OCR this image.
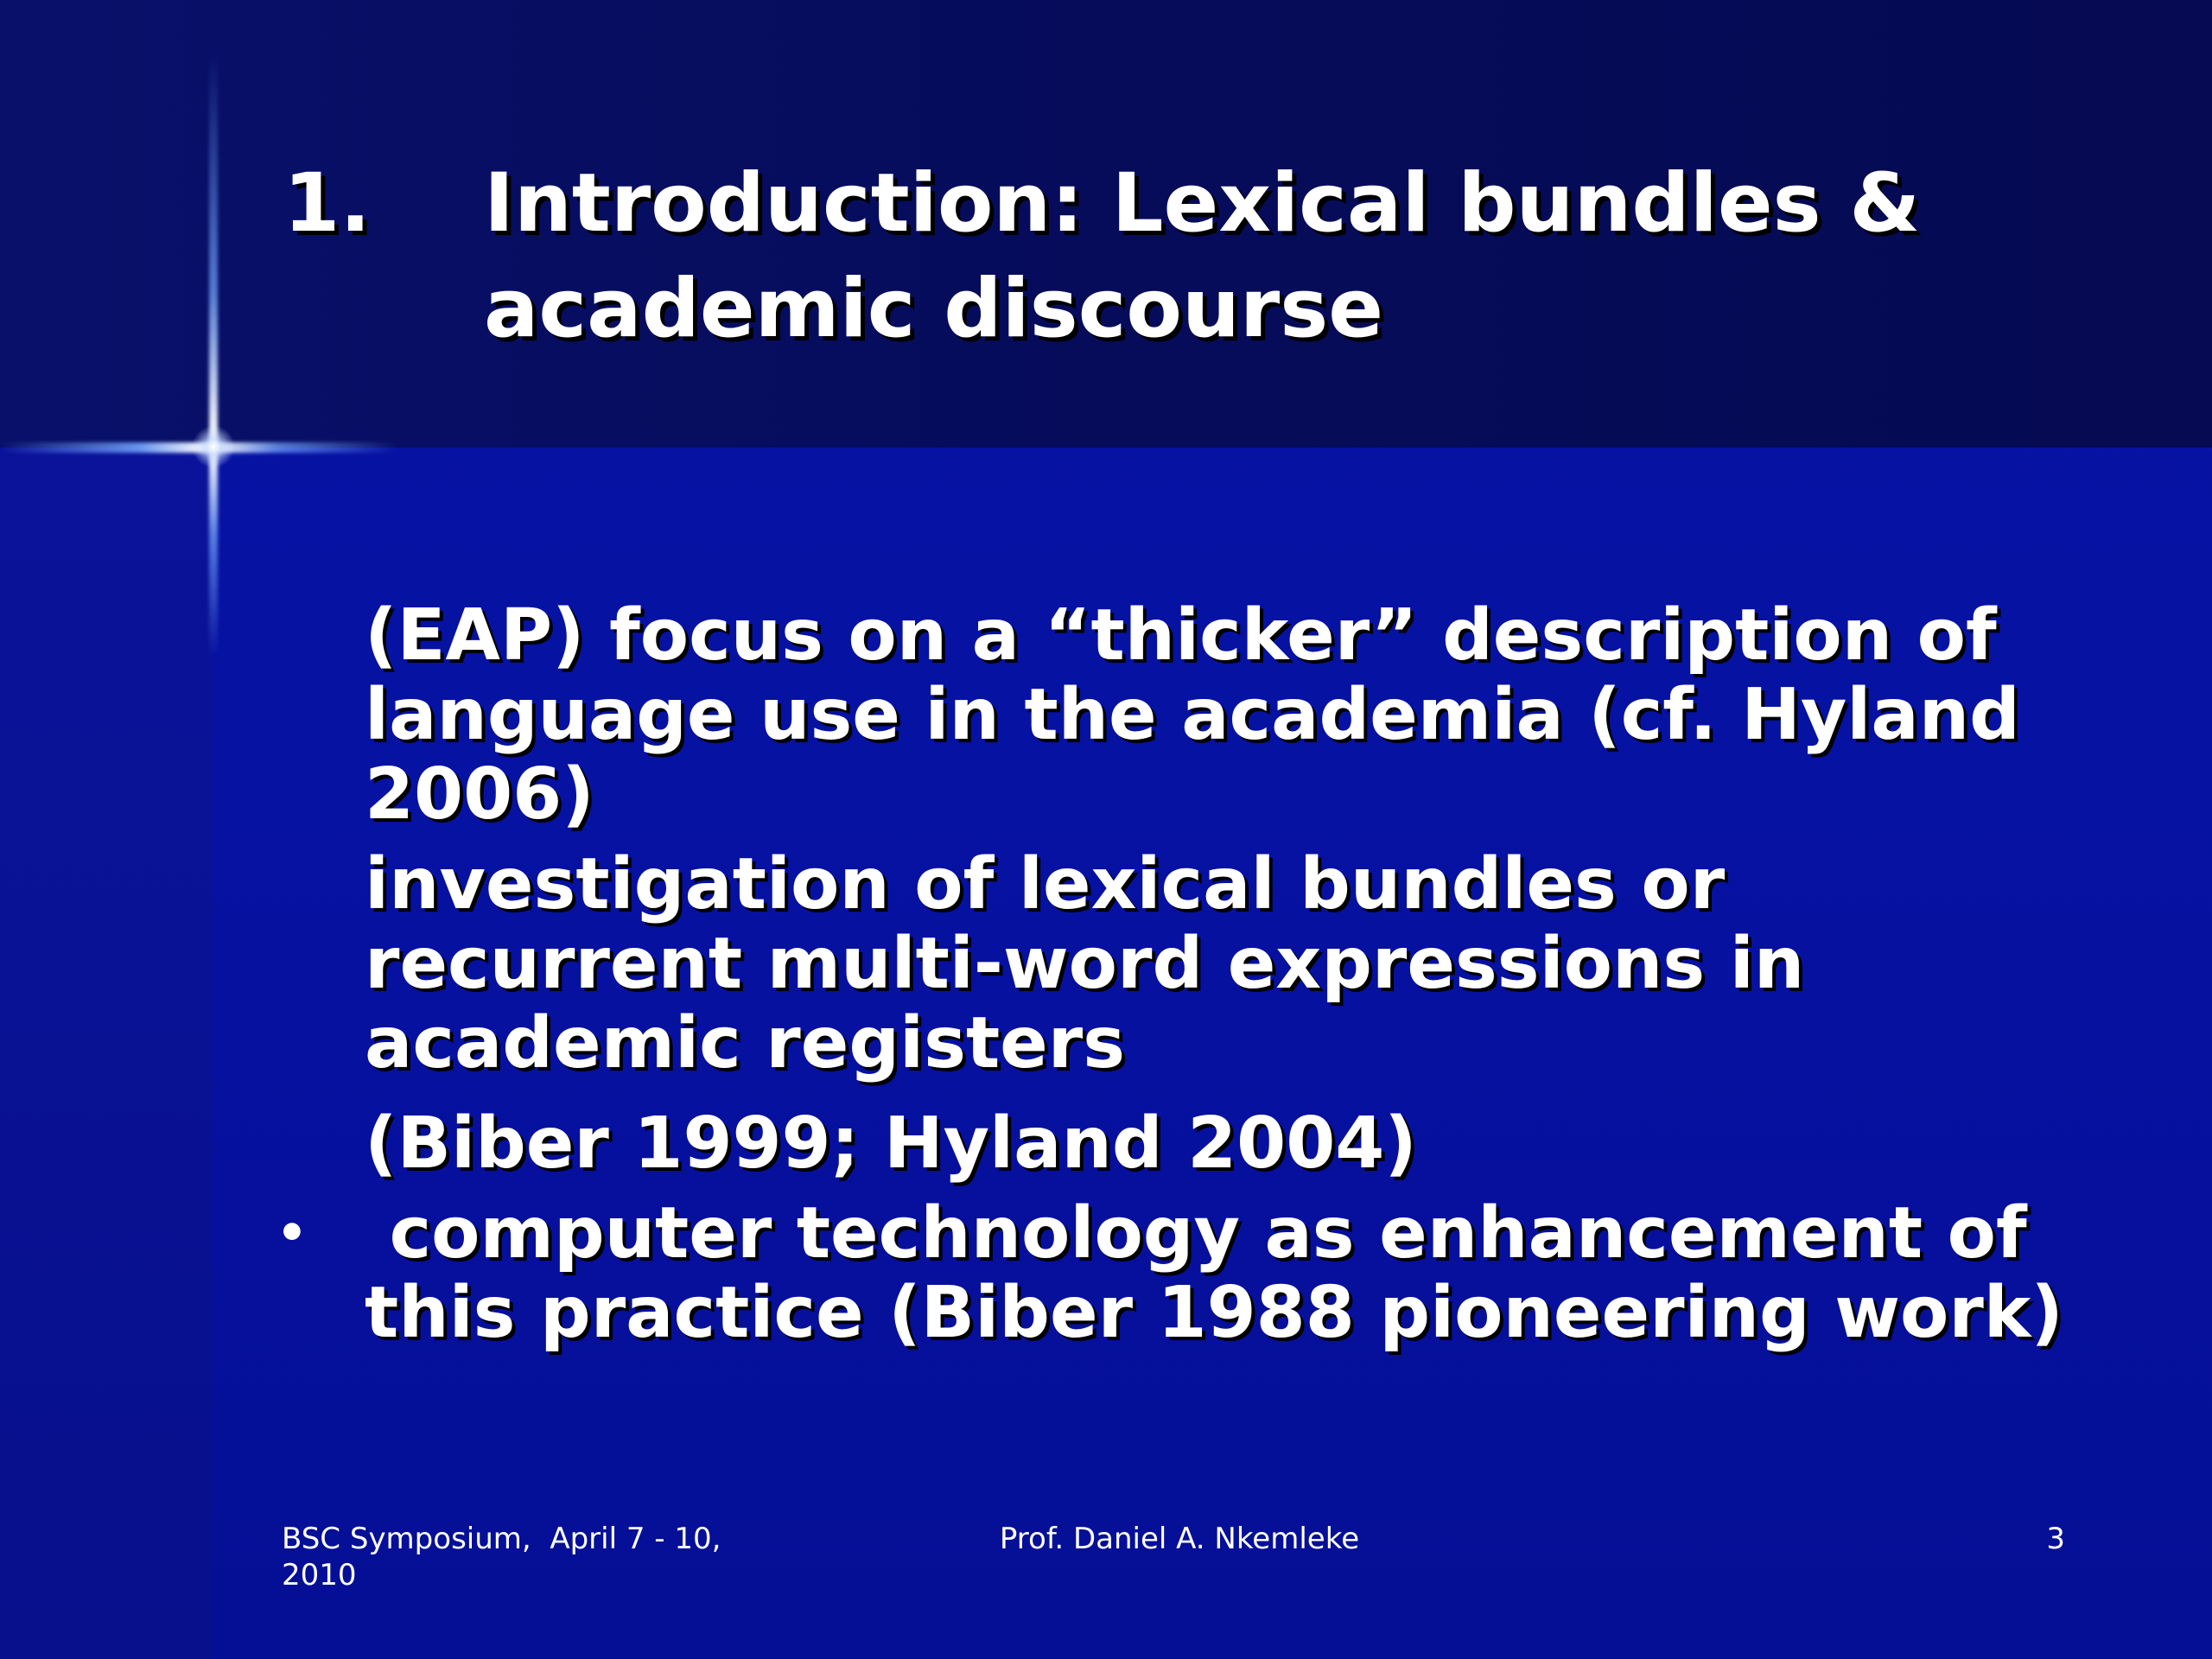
1.	Introduction: Lexical bundles & academic discourse
(EAP) focus on a “thicker” description of language use in the academia (cf. Hyland 2006)
investigation of lexical bundles or recurrent multi-word expressions in academic registers
(Biber 1999; Hyland 2004)
• computer technology as enhancement of this practice (Biber 1988 pioneering work)
BSC Symposium,  April 7 - 10, 2010
Prof. Daniel A. Nkemleke	3
